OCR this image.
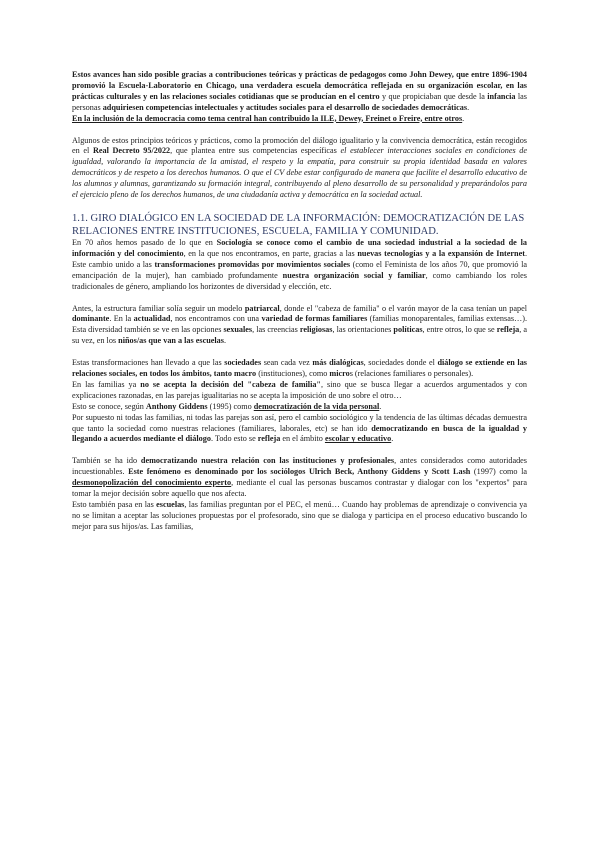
Estos avances han sido posible gracias a contribuciones teóricas y prácticas de pedagogos como John Dewey, que entre 1896-1904 promovió la Escuela-Laboratorio en Chicago, una verdadera escuela democrática reflejada en su organización escolar, en las prácticas culturales y en las relaciones sociales cotidianas que se producían en el centro y que propiciaban que desde la infancia las personas adquiriesen competencias intelectuales y actitudes sociales para el desarrollo de sociedades democráticas.

En la inclusión de la democracia como tema central han contribuido la ILE, Dewey, Freinet o Freire, entre otros.

Algunos de estos principios teóricos y prácticos, como la promoción del diálogo igualitario y la convivencia democrática, están recogidos en el Real Decreto 95/2022, que plantea entre sus competencias específicas el establecer interacciones sociales en condiciones de igualdad, valorando la importancia de la amistad, el respeto y la empatía, para construir su propia identidad basada en valores democráticos y de respeto a los derechos humanos. O que el CV debe estar configurado de manera que facilite el desarrollo educativo de los alumnos y alumnas, garantizando su formación integral, contribuyendo al pleno desarrollo de su personalidad y preparándolos para el ejercicio pleno de los derechos humanos, de una ciudadanía activa y democrática en la sociedad actual.

1.1. GIRO DIALÓGICO EN LA SOCIEDAD DE LA INFORMACIÓN: DEMOCRATIZACIÓN DE LAS RELACIONES ENTRE INSTITUCIONES, ESCUELA, FAMILIA Y COMUNIDAD.

En 70 años hemos pasado de lo que en Sociología se conoce como el cambio de una sociedad industrial a la sociedad de la información y del conocimiento, en la que nos encontramos, en parte, gracias a las nuevas tecnologías y a la expansión de Internet. Este cambio unido a las transformaciones promovidas por movimientos sociales (como el Feminista de los años 70, que promovió la emancipación de la mujer), han cambiado profundamente nuestra organización social y familiar, como cambiando los roles tradicionales de género, ampliando los horizontes de diversidad y elección, etc.

Antes, la estructura familiar solía seguir un modelo patriarcal, donde el "cabeza de familia" o el varón mayor de la casa tenían un papel dominante. En la actualidad, nos encontramos con una variedad de formas familiares (familias monoparentales, familias extensas…). Esta diversidad también se ve en las opciones sexuales, las creencias religiosas, las orientaciones políticas, entre otros, lo que se refleja, a su vez, en los niños/as que van a las escuelas.

Estas transformaciones han llevado a que las sociedades sean cada vez más dialógicas, sociedades donde el diálogo se extiende en las relaciones sociales, en todos los ámbitos, tanto macro (instituciones), como micros (relaciones familiares o personales).

En las familias ya no se acepta la decisión del "cabeza de familia", sino que se busca llegar a acuerdos argumentados y con explicaciones razonadas, en las parejas igualitarias no se acepta la imposición de uno sobre el otro…

Esto se conoce, según Anthony Giddens (1995) como democratización de la vida personal.

Por supuesto ni todas las familias, ni todas las parejas son así, pero el cambio sociológico y la tendencia de las últimas décadas demuestra que tanto la sociedad como nuestras relaciones (familiares, laborales, etc) se han ido democratizando en busca de la igualdad y llegando a acuerdos mediante el diálogo. Todo esto se refleja en el ámbito escolar y educativo.

También se ha ido democratizando nuestra relación con las instituciones y profesionales, antes considerados como autoridades incuestionables. Este fenómeno es denominado por los sociólogos Ulrich Beck, Anthony Giddens y Scott Lash (1997) como la desmonopolización del conocimiento experto, mediante el cual las personas buscamos contrastar y dialogar con los "expertos" para tomar la mejor decisión sobre aquello que nos afecta.

Esto también pasa en las escuelas, las familias preguntan por el PEC, el menú… Cuando hay problemas de aprendizaje o convivencia ya no se limitan a aceptar las soluciones propuestas por el profesorado, sino que se dialoga y participa en el proceso educativo buscando lo mejor para sus hijos/as. Las familias,
